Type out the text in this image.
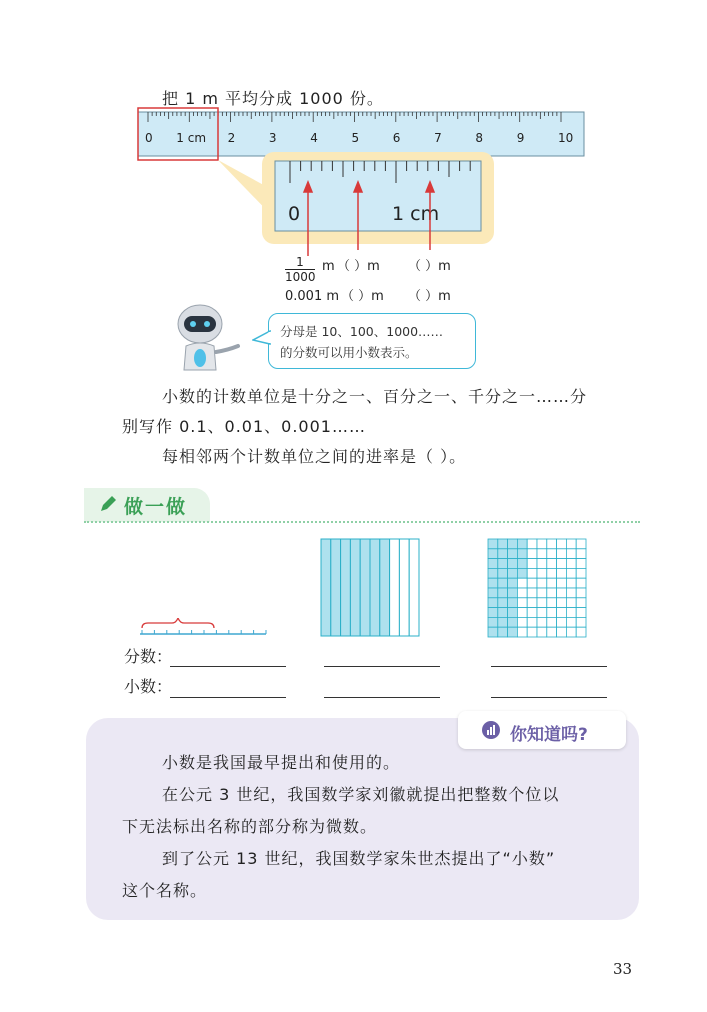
把 1 m 平均分成 1000 份。
0 1 cm 2	3	4	5	6	7	8	9	10
0	1 cm
1
1000
m （ ）m （ ）m
0.001 m （ ）m （ ）m
分母是 10、100、1000……
的分数可以用小数表示。
小数的计数单位是十分之一、百分之一、千分之一……分
别写作 0.1、0.01、0.001……
每相邻两个计数单位之间的进率是（ ）。
做一做
分数：
小数：
你知道吗?
小数是我国最早提出和使用的。
在公元 3 世纪，我国数学家刘徽就提出把整数个位以
下无法标出名称的部分称为微数。
到了公元 13 世纪，我国数学家朱世杰提出了“小数”
这个名称。
33
